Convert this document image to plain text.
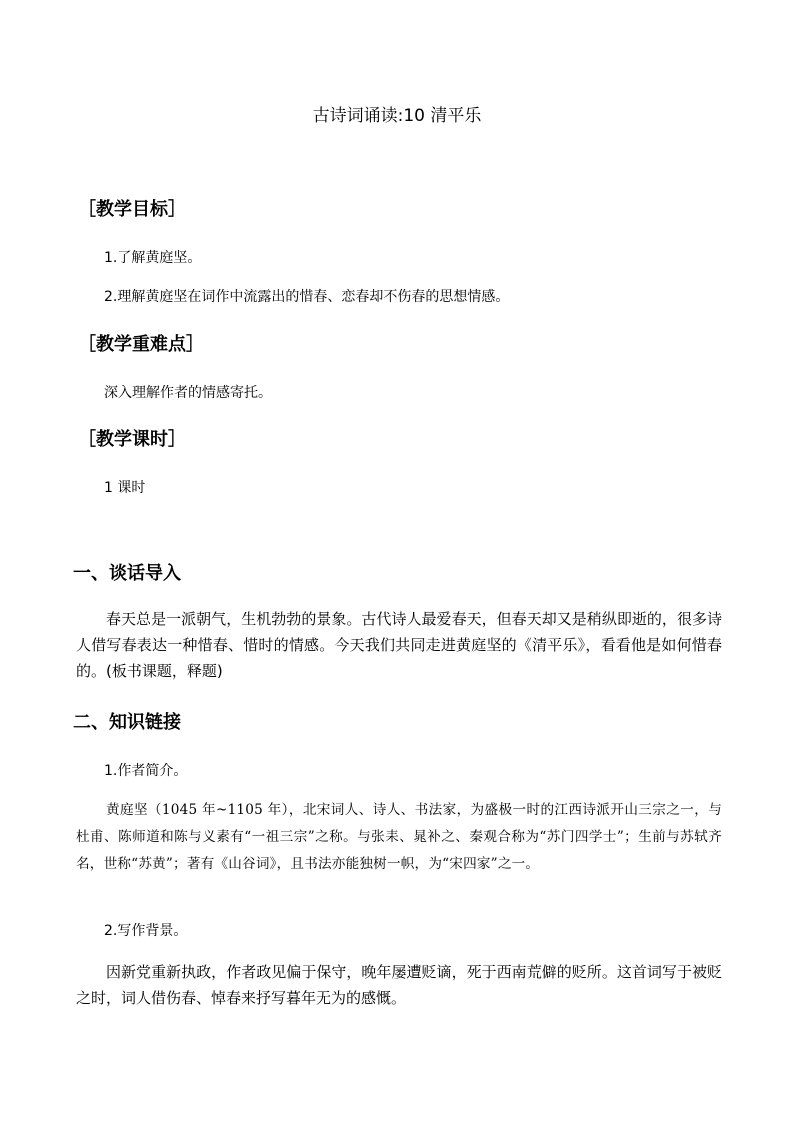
古诗词诵读:10 清平乐
［教学目标］
1.了解黄庭坚。
2.理解黄庭坚在词作中流露出的惜春、恋春却不伤春的思想情感。
［教学重难点］
深入理解作者的情感寄托。
［教学课时］
1 课时
一、谈话导入
春天总是一派朝气，生机勃勃的景象。古代诗人最爱春天，但春天却又是稍纵即逝的，很多诗人借写春表达一种惜春、惜时的情感。今天我们共同走进黄庭坚的《清平乐》，看看他是如何惜春的。(板书课题，释题)
二、知识链接
1.作者简介。
黄庭坚（1045 年~1105 年），北宋词人、诗人、书法家，为盛极一时的江西诗派开山三宗之一，与杜甫、陈师道和陈与义素有“一祖三宗”之称。与张耒、晁补之、秦观合称为“苏门四学士”；生前与苏轼齐名，世称“苏黄”；著有《山谷词》，且书法亦能独树一帜，为“宋四家”之一。
2.写作背景。
因新党重新执政，作者政见偏于保守，晚年屡遭贬谪，死于西南荒僻的贬所。这首词写于被贬之时，词人借伤春、悼春来抒写暮年无为的感慨。
